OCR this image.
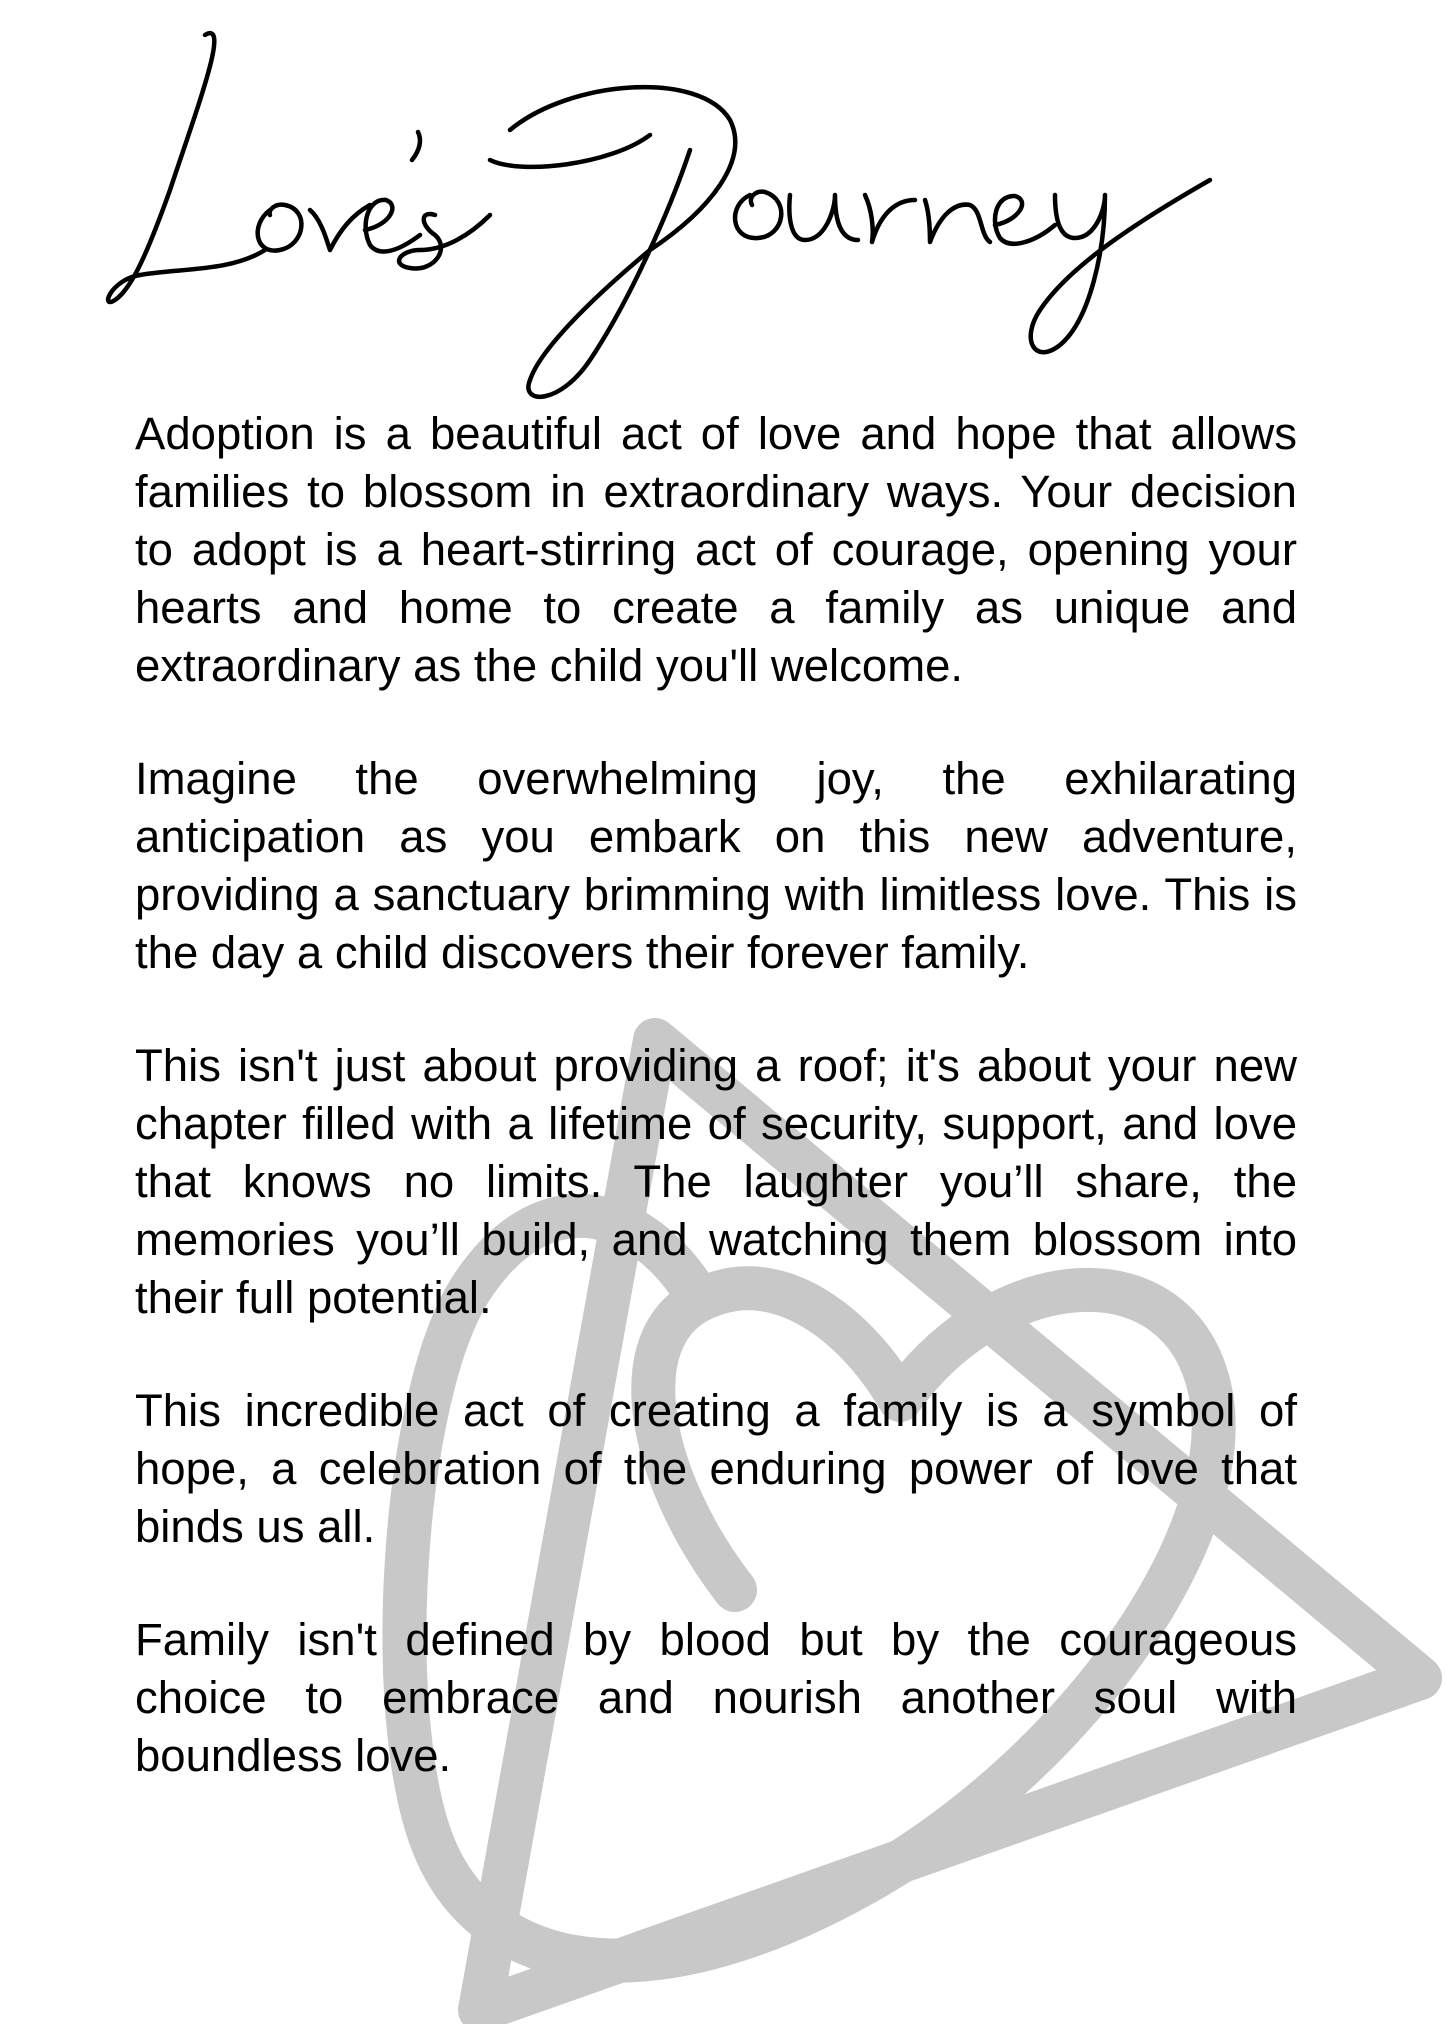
Adoption is a beautiful act of love and hope that allows families to blossom in extraordinary ways. Your decision to adopt is a heart-stirring act of courage, opening your hearts and home to create a family as unique and extraordinary as the child you'll welcome.

Imagine the overwhelming joy, the exhilarating anticipation as you embark on this new adventure, providing a sanctuary brimming with limitless love. This is the day a child discovers their forever family.

This isn't just about providing a roof; it's about your new chapter filled with a lifetime of security, support, and love that knows no limits. The laughter you’ll share, the memories you’ll build, and watching them blossom into their full potential.

This incredible act of creating a family is a symbol of hope, a celebration of the enduring power of love that binds us all.

Family isn't defined by blood but by the courageous choice to embrace and nourish another soul with boundless love.
